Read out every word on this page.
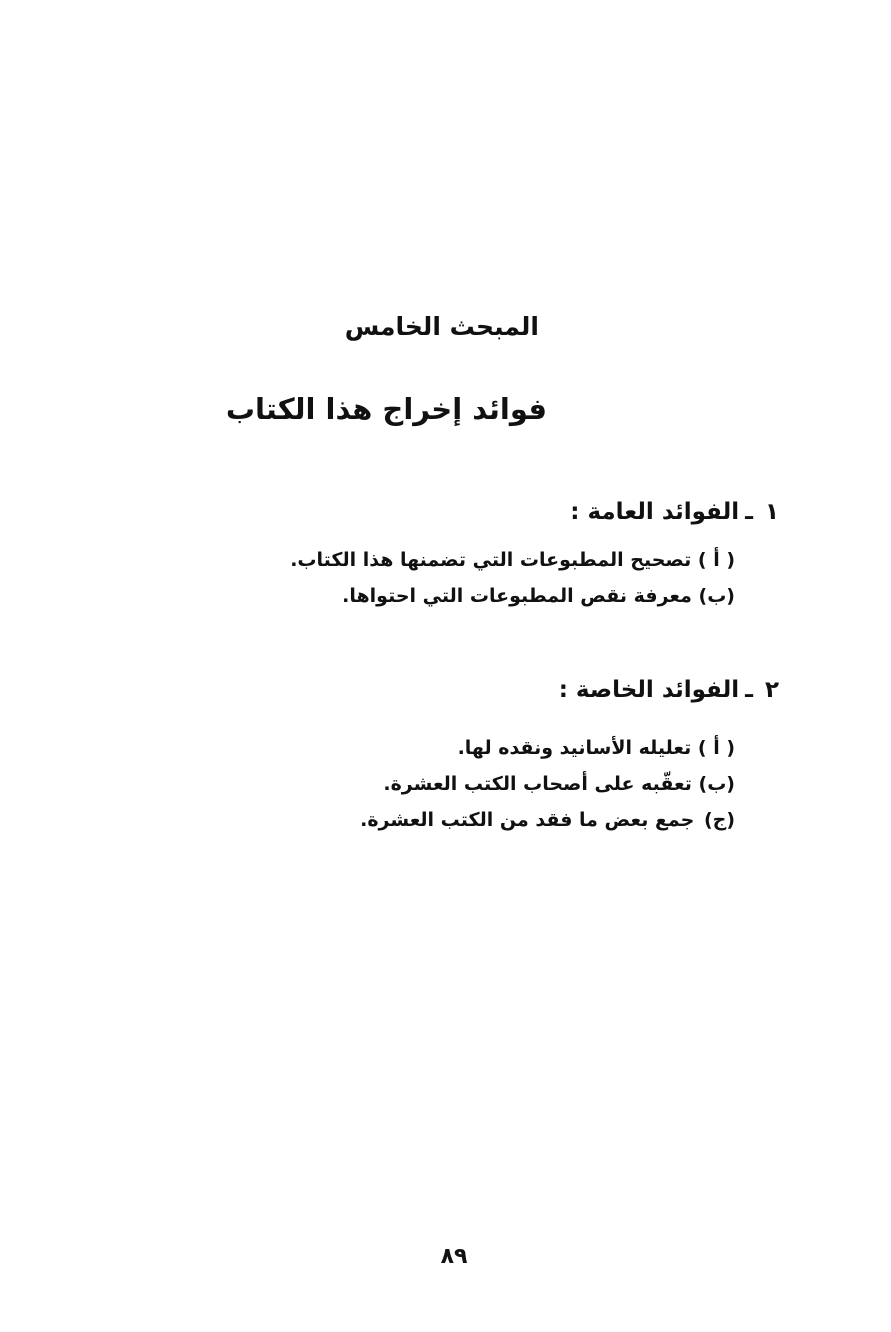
المبحث الخامس
فوائد إخراج هذا الكتاب
١ـالفوائد العامة :
( أ ) تصحيح المطبوعات التي تضمنها هذا الكتاب.
(ب) معرفة نقص المطبوعات التي احتواها.
٢ـالفوائد الخاصة :
( أ ) تعليله الأسانيد ونقده لها.
(ب) تعقّبه على أصحاب الكتب العشرة.
(ج) جمع بعض ما فقد من الكتب العشرة.
٨٩
